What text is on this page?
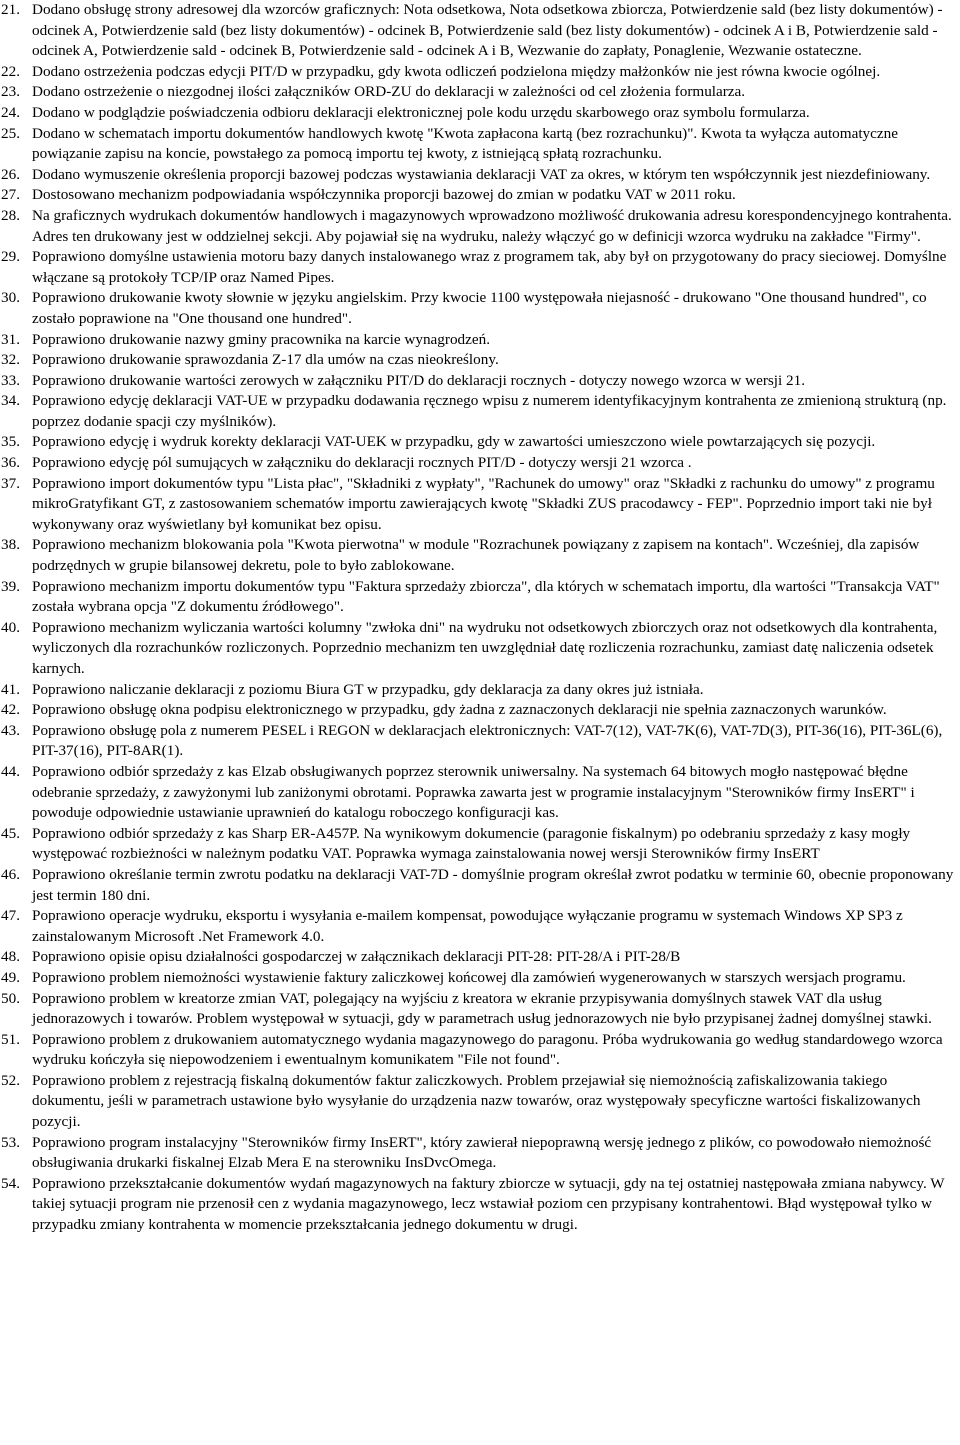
21. Dodano obsługę strony adresowej dla wzorców graficznych: Nota odsetkowa, Nota odsetkowa zbiorcza, Potwierdzenie sald (bez listy dokumentów) - odcinek A, Potwierdzenie sald (bez listy dokumentów) - odcinek B, Potwierdzenie sald (bez listy dokumentów) - odcinek A i B, Potwierdzenie sald - odcinek A, Potwierdzenie sald - odcinek B, Potwierdzenie sald - odcinek A i B, Wezwanie do zapłaty, Ponaglenie, Wezwanie ostateczne.
22. Dodano ostrzeżenia podczas edycji PIT/D w przypadku, gdy kwota odliczeń podzielona między małżonków nie jest równa kwocie ogólnej.
23. Dodano ostrzeżenie o niezgodnej ilości załączników ORD-ZU do deklaracji w zależności od cel złożenia formularza.
24. Dodano w podglądzie poświadczenia odbioru deklaracji elektronicznej pole kodu urzędu skarbowego oraz symbolu formularza.
25. Dodano w schematach importu dokumentów handlowych kwotę "Kwota zapłacona kartą (bez rozrachunku)". Kwota ta wyłącza automatyczne powiązanie zapisu na koncie, powstałego za pomocą importu tej kwoty, z istniejącą spłatą rozrachunku.
26. Dodano wymuszenie określenia proporcji bazowej podczas wystawiania deklaracji VAT za okres, w którym ten współczynnik jest niezdefiniowany.
27. Dostosowano mechanizm podpowiadania współczynnika proporcji bazowej do zmian w podatku VAT w 2011 roku.
28. Na graficznych wydrukach dokumentów handlowych i magazynowych wprowadzono możliwość drukowania adresu korespondencyjnego kontrahenta. Adres ten drukowany jest w oddzielnej sekcji. Aby pojawiał się na wydruku, należy włączyć go w definicji wzorca wydruku na zakładce "Firmy".
29. Poprawiono domyślne ustawienia motoru bazy danych instalowanego wraz z programem tak, aby był on przygotowany do pracy sieciowej. Domyślne włączane są protokoły TCP/IP oraz Named Pipes.
30. Poprawiono drukowanie kwoty słownie w języku angielskim. Przy kwocie 1100 występowała niejasność - drukowano "One thousand hundred", co zostało poprawione na "One thousand one hundred".
31. Poprawiono drukowanie nazwy gminy pracownika na karcie wynagrodzeń.
32. Poprawiono drukowanie sprawozdania Z-17 dla umów na czas nieokreślony.
33. Poprawiono drukowanie wartości zerowych w załączniku PIT/D do deklaracji rocznych - dotyczy nowego wzorca w wersji 21.
34. Poprawiono edycję deklaracji VAT-UE w przypadku dodawania ręcznego wpisu z numerem identyfikacyjnym kontrahenta ze zmienioną strukturą (np. poprzez dodanie spacji czy myślników).
35. Poprawiono edycję i wydruk korekty deklaracji VAT-UEK w przypadku, gdy w zawartości umieszczono wiele powtarzających się pozycji.
36. Poprawiono edycję pól sumujących w załączniku do deklaracji rocznych PIT/D - dotyczy wersji 21 wzorca .
37. Poprawiono import dokumentów typu "Lista płac", "Składniki z wypłaty", "Rachunek do umowy" oraz "Składki z rachunku do umowy" z programu mikroGratyfikant GT, z zastosowaniem schematów importu zawierających kwotę "Składki ZUS pracodawcy - FEP". Poprzednio import taki nie był wykonywany oraz wyświetlany był komunikat bez opisu.
38. Poprawiono mechanizm blokowania pola "Kwota pierwotna" w module "Rozrachunek powiązany z zapisem na kontach". Wcześniej, dla zapisów podrzędnych w grupie bilansowej dekretu, pole to było zablokowane.
39. Poprawiono mechanizm importu dokumentów typu "Faktura sprzedaży zbiorcza", dla których w schematach importu, dla wartości "Transakcja VAT" została wybrana opcja "Z dokumentu źródłowego".
40. Poprawiono mechanizm wyliczania wartości kolumny "zwłoka dni" na wydruku not odsetkowych zbiorczych oraz not odsetkowych dla kontrahenta, wyliczonych dla rozrachunków rozliczonych. Poprzednio mechanizm ten uwzględniał datę rozliczenia rozrachunku, zamiast datę naliczenia odsetek karnych.
41. Poprawiono naliczanie deklaracji z poziomu Biura GT w przypadku, gdy deklaracja za dany okres już istniała.
42. Poprawiono obsługę okna podpisu elektronicznego w przypadku, gdy żadna z zaznaczonych deklaracji nie spełnia zaznaczonych warunków.
43. Poprawiono obsługę pola z numerem PESEL i REGON w deklaracjach elektronicznych: VAT-7(12), VAT-7K(6), VAT-7D(3), PIT-36(16), PIT-36L(6), PIT-37(16), PIT-8AR(1).
44. Poprawiono odbiór sprzedaży z kas Elzab obsługiwanych poprzez sterownik uniwersalny. Na systemach 64 bitowych mogło następować błędne odebranie sprzedaży, z zawyżonymi lub zaniżonymi obrotami. Poprawka zawarta jest w programie instalacyjnym "Sterowników firmy InsERT" i powoduje odpowiednie ustawianie uprawnień do katalogu roboczego konfiguracji kas.
45. Poprawiono odbiór sprzedaży z kas Sharp ER-A457P. Na wynikowym dokumencie (paragonie fiskalnym) po odebraniu sprzedaży z kasy mogły występować rozbieżności w należnym podatku VAT. Poprawka wymaga zainstalowania nowej wersji Sterowników firmy InsERT
46. Poprawiono określanie termin zwrotu podatku na deklaracji VAT-7D - domyślnie program określał zwrot podatku w terminie 60, obecnie proponowany jest termin 180 dni.
47. Poprawiono operacje wydruku, eksportu i wysyłania e-mailem kompensat, powodujące wyłączanie programu w systemach Windows XP SP3 z zainstalowanym Microsoft .Net Framework 4.0.
48. Poprawiono opisie opisu działalności gospodarczej w załącznikach deklaracji PIT-28: PIT-28/A i PIT-28/B
49. Poprawiono problem niemożności wystawienie faktury zaliczkowej końcowej dla zamówień wygenerowanych w starszych wersjach programu.
50. Poprawiono problem w kreatorze zmian VAT, polegający na wyjściu z kreatora w ekranie przypisywania domyślnych stawek VAT dla usług jednorazowych i towarów. Problem występował w sytuacji, gdy w parametrach usług jednorazowych nie było przypisanej żadnej domyślnej stawki.
51. Poprawiono problem z drukowaniem automatycznego wydania magazynowego do paragonu. Próba wydrukowania go według standardowego wzorca wydruku kończyła się niepowodzeniem i ewentualnym komunikatem "File not found".
52. Poprawiono problem z rejestracją fiskalną dokumentów faktur zaliczkowych. Problem przejawiał się niemożnością zafiskalizowania takiego dokumentu, jeśli w parametrach ustawione było wysyłanie do urządzenia nazw towarów, oraz występowały specyficzne wartości fiskalizowanych pozycji.
53. Poprawiono program instalacyjny "Sterowników firmy InsERT", który zawierał niepoprawną wersję jednego z plików, co powodowało niemożność obsługiwania drukarki fiskalnej Elzab Mera E na sterowniku InsDvcOmega.
54. Poprawiono przekształcanie dokumentów wydań magazynowych na faktury zbiorcze w sytuacji, gdy na tej ostatniej następowała zmiana nabywcy. W takiej sytuacji program nie przenosił cen z wydania magazynowego, lecz wstawiał poziom cen przypisany kontrahentowi. Błąd występował tylko w przypadku zmiany kontrahenta w momencie przekształcania jednego dokumentu w drugi.
